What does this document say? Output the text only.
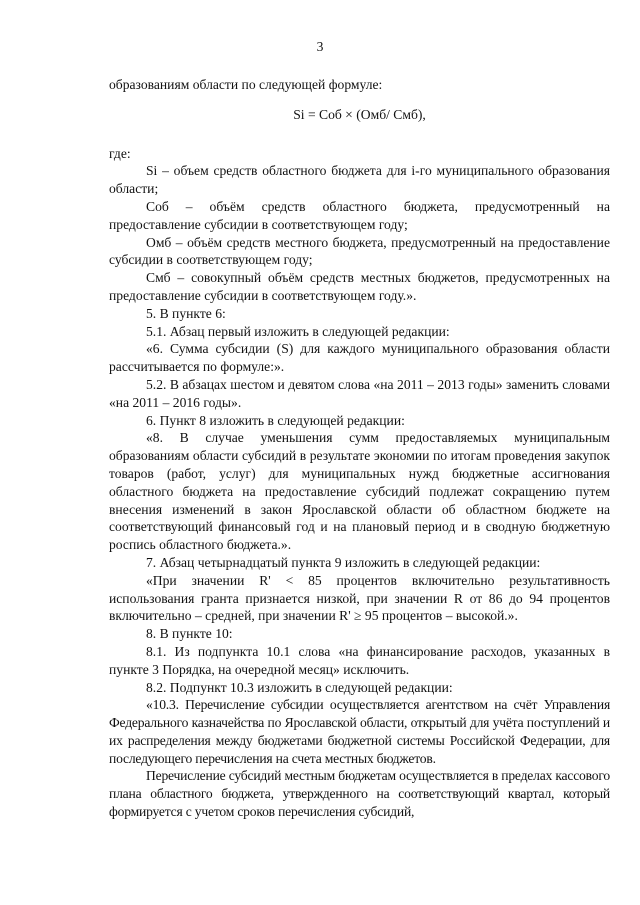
3

образованиям области по следующей формуле:

Si = Соб × (Омб/ Смб),

где:

Si – объем средств областного бюджета для i-го муниципального образования области;

Соб – объём средств областного бюджета, предусмотренный на предоставление субсидии в соответствующем году;

Омб – объём средств местного бюджета, предусмотренный на предоставление субсидии в соответствующем году;

Смб – совокупный объём средств местных бюджетов, предусмотренных на предоставление субсидии в соответствующем году.».

5. В пункте 6:

5.1. Абзац первый изложить в следующей редакции:

«6. Сумма субсидии (S) для каждого муниципального образования области рассчитывается по формуле:».

5.2. В абзацах шестом и девятом слова «на 2011 – 2013 годы» заменить словами «на 2011 – 2016 годы».

6. Пункт 8 изложить в следующей редакции:

«8. В случае уменьшения сумм предоставляемых муниципальным образованиям области субсидий в результате экономии по итогам проведения закупок товаров (работ, услуг) для муниципальных нужд бюджетные ассигнования областного бюджета на предоставление субсидий подлежат сокращению путем внесения изменений в закон Ярославской области об областном бюджете на соответствующий финансовый год и на плановый период и в сводную бюджетную роспись областного бюджета.».

7. Абзац четырнадцатый пункта 9 изложить в следующей редакции:

«При значении R' < 85 процентов включительно результативность использования гранта признается низкой, при значении R от 86 до 94 процентов включительно – средней, при значении R' ≥ 95 процентов – высокой.».

8. В пункте 10:

8.1. Из подпункта 10.1 слова «на финансирование расходов, указанных в пункте 3 Порядка, на очередной месяц» исключить.

8.2. Подпункт 10.3 изложить в следующей редакции:

«10.3. Перечисление субсидии осуществляется агентством на счёт Управления Федерального казначейства по Ярославской области, открытый для учёта поступлений и их распределения между бюджетами бюджетной системы Российской Федерации, для последующего перечисления на счета местных бюджетов.

Перечисление субсидий местным бюджетам осуществляется в пределах кассового плана областного бюджета, утвержденного на соответствующий квартал, который формируется с учетом сроков перечисления субсидий,
